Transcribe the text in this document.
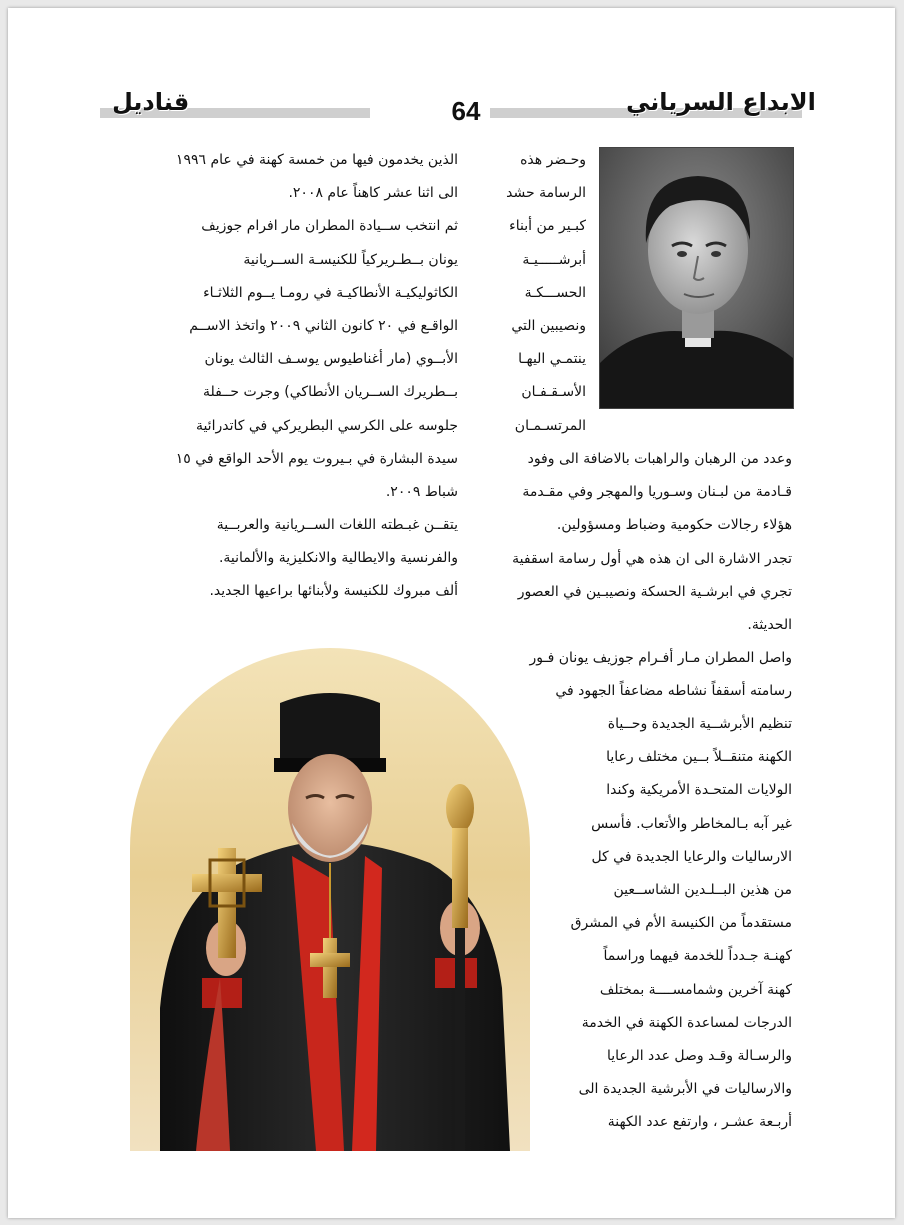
قناديل	64	الابداع السرياني
وحـضر هذه
الرسامة حشد
كبـير من أبناء
أبرشـــــيـة
الحســـكـة
ونصيبين التي
ينتمـي اليهـا
الأسـقـفـان
المرتسـمـان
وعدد من الرهبان والراهبات بالاضافة الى وفود
قـادمة من لبـنان وسـوريا والمهجر وفي مقـدمة
هؤلاء رجالات حكومية وضباط ومسؤولين.
تجدر الاشارة الى ان هذه هي أول رسامة اسقفية
تجري في ابرشـية الحسكة ونصيبـين في العصور
الحديثة.
واصل المطران مـار أفـرام جوزيف يونان فـور
رسامته أسقفاً نشاطه مضاعفاً الجهود في
تنظيم الأبرشــية الجديدة وحــياة
الكهنة متنقــلاً بــين مختلف رعايا
الولايات المتحـدة الأمريكية وكندا
غير آبه بـالمخاطر والأتعاب. فأسس
الارساليات والرعايا الجديدة في كل
من هذين البــلـدين الشاســعين
مستقدماً من الكنيسة الأم في المشرق
كهنـة جـدداً للخدمة فيهما وراسماً
كهنة آخرين وشمامســــة بمختلف
الدرجات لمساعدة الكهنة في الخدمة
والرسـالة وقـد وصل عدد الرعايا
والارساليات في الأبرشية الجديدة الى
أربـعة عشـر ، وارتفع عدد الكهنة
الذين يخدمون فيها من خمسة كهنة في عام ١٩٩٦
الى اثنا عشر كاهناً عام ٢٠٠٨.
ثم انتخب ســيادة المطران مار افرام جوزيف
يونان بــطـريركياً للكنيسـة الســريانية
الكاثوليكيـة الأنطاكيـة في رومـا يــوم الثلاثـاء
الواقـع في ٢٠ كانون الثاني ٢٠٠٩ واتخذ الاســم
الأبــوي (مار أغناطيوس يوسـف الثالث يونان
بــطريرك الســريان الأنطاكي) وجرت حــفلة
جلوسه على الكرسي البطريركي في كاتدرائية
سيدة البشارة في بـيروت يوم الأحد الواقع في ١٥
شباط ٢٠٠٩.
يتقــن غبـطته اللغات الســريانية والعربــية
والفرنسية والايطالية والانكليزية والألمانية.
ألف مبروك للكنيسة ولأبنائها براعيها الجديد.
